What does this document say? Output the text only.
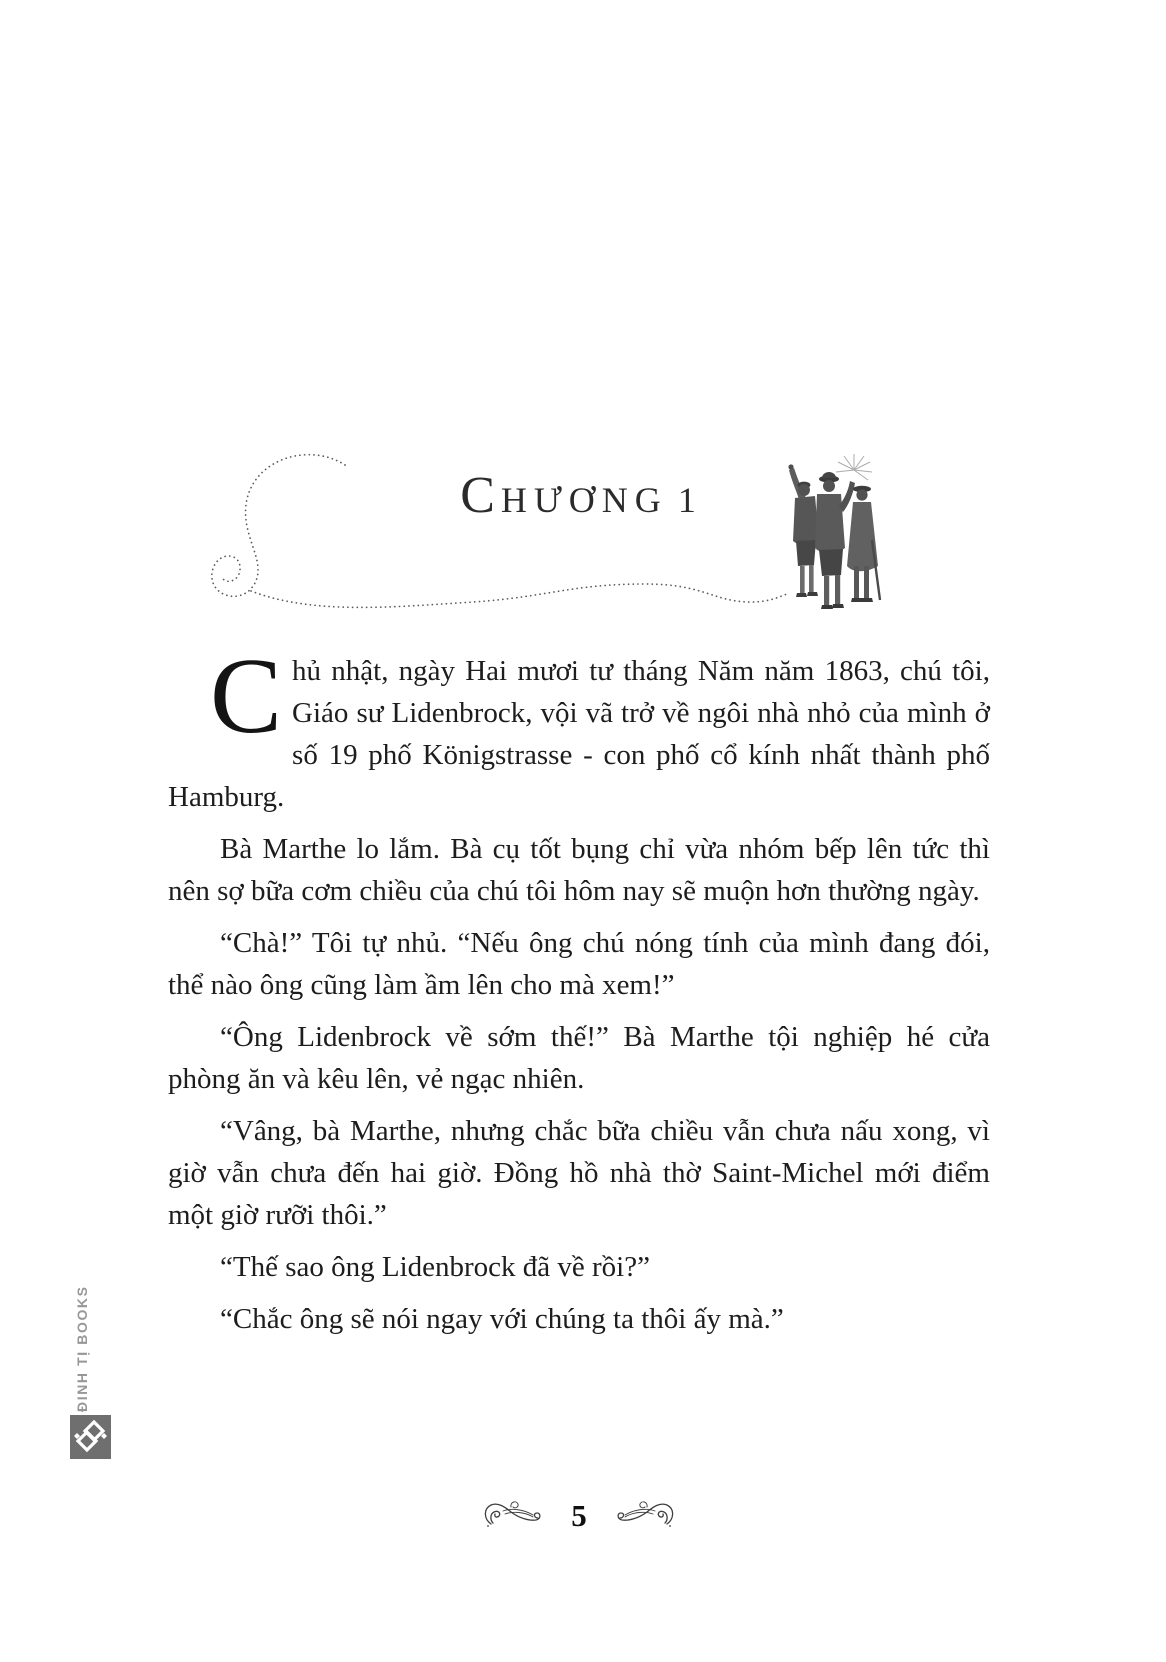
CHƯƠNG 1

Chủ nhật, ngày Hai mươi tư tháng Năm năm 1863, chú tôi, Giáo sư Lidenbrock, vội vã trở về ngôi nhà nhỏ của mình ở số 19 phố Königstrasse - con phố cổ kính nhất thành phố Hamburg.

Bà Marthe lo lắm. Bà cụ tốt bụng chỉ vừa nhóm bếp lên tức thì nên sợ bữa cơm chiều của chú tôi hôm nay sẽ muộn hơn thường ngày.

“Chà!” Tôi tự nhủ. “Nếu ông chú nóng tính của mình đang đói, thể nào ông cũng làm ầm lên cho mà xem!”

“Ông Lidenbrock về sớm thế!” Bà Marthe tội nghiệp hé cửa phòng ăn và kêu lên, vẻ ngạc nhiên.

“Vâng, bà Marthe, nhưng chắc bữa chiều vẫn chưa nấu xong, vì giờ vẫn chưa đến hai giờ. Đồng hồ nhà thờ Saint-Michel mới điểm một giờ rưỡi thôi.”

“Thế sao ông Lidenbrock đã về rồi?”

“Chắc ông sẽ nói ngay với chúng ta thôi ấy mà.”

ĐINH TỊ BOOKS
5
